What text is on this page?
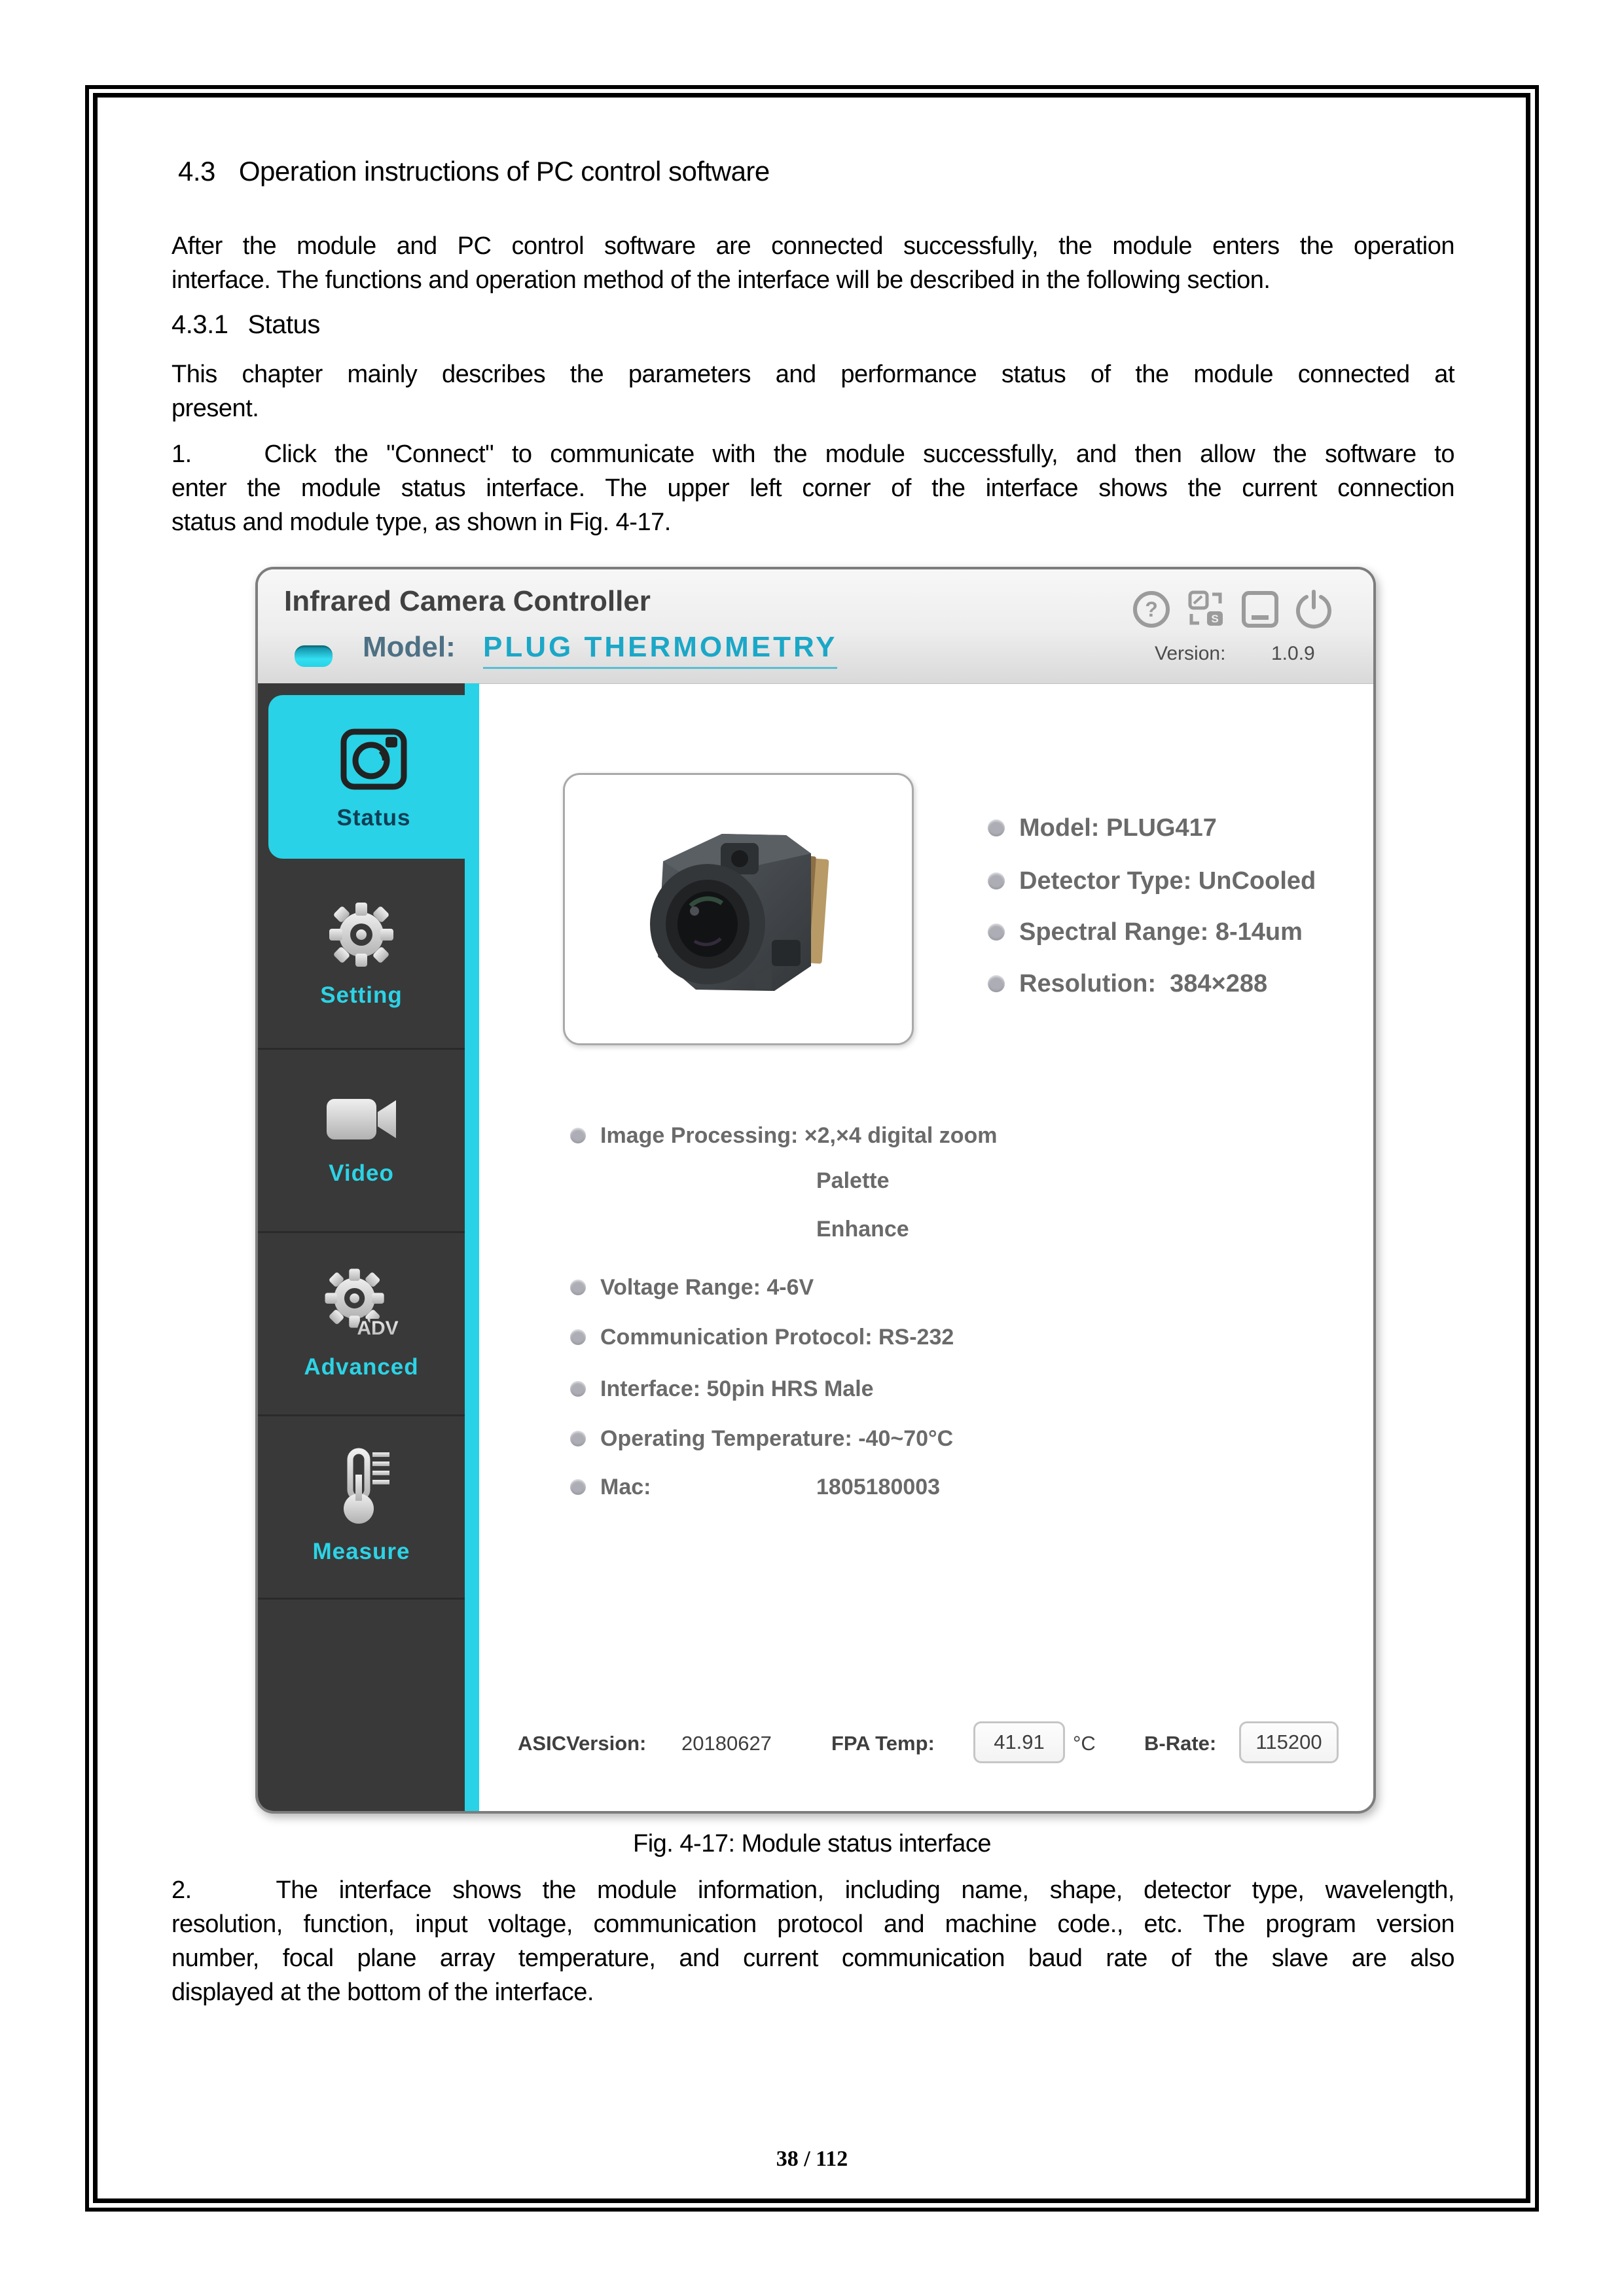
4.3 Operation instructions of PC control software
After the module and PC control software are connected successfully, the module enters the operation
interface. The functions and operation method of the interface will be described in the following section.
4.3.1 Status
This chapter mainly describes the parameters and performance status of the module connected at
present.
1.    Click the "Connect" to communicate with the module successfully, and then allow the software to
enter the module status interface. The upper left corner of the interface shows the current connection
status and module type, as shown in Fig. 4-17.
Infrared Camera Controller
Model: PLUG THERMOMETRY
?	S
Version: 1.0.9
Status
Setting
Video
ADV
Advanced
Measure
Model: PLUG417
Detector Type: UnCooled
Spectral Range: 8-14um
Resolution:  384×288
Image Processing: ×2,×4 digital zoom
Palette
Enhance
Voltage Range: 4-6V
Communication Protocol: RS-232
Interface: 50pin HRS Male
Operating Temperature: -40~70°C
Mac:	1805180003
ASICVersion: 20180627	FPA Temp:	41.91	°C B-Rate:	115200
Fig. 4-17: Module status interface
2.    The interface shows the module information, including name, shape, detector type, wavelength,
resolution, function, input voltage, communication protocol and machine code., etc. The program version
number, focal plane array temperature, and current communication baud rate of the slave are also
displayed at the bottom of the interface.
38 / 112
